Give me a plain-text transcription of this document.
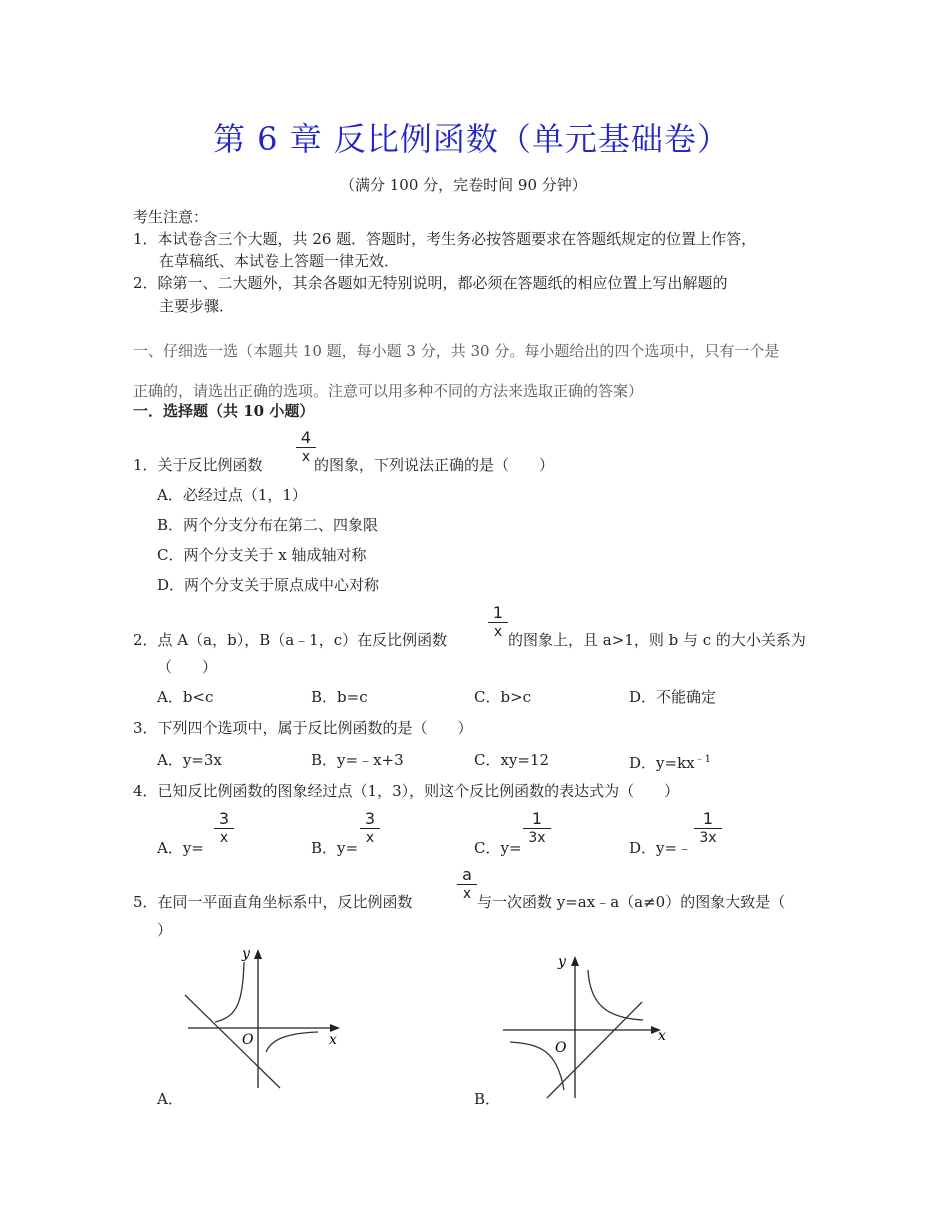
第 6 章 反比例函数（单元基础卷）
（满分 100 分，完卷时间 90 分钟）
考生注意：
1．本试卷含三个大题，共 26 题．答题时，考生务必按答题要求在答题纸规定的位置上作答，
在草稿纸、本试卷上答题一律无效．
2．除第一、二大题外，其余各题如无特别说明，都必须在答题纸的相应位置上写出解题的
主要步骤．
一、仔细选一选（本题共 10 题，每小题 3 分，共 30 分。每小题给出的四个选项中，只有一个是
正确的，请选出正确的选项。注意可以用多种不同的方法来选取正确的答案）
一．选择题（共 10 小题）
1．关于反比例函数
4
x 的图象，下列说法正确的是（　　）
A．必经过点（1，1）
B．两个分支分布在第二、四象限
C．两个分支关于 x 轴成轴对称
D．两个分支关于原点成中心对称
2．点 A（a，b），B（a﹣1，c）在反比例函数
1
x 的图象上，且 a>1，则 b 与 c 的大小关系为
（　　）
A．b<c	B．b=c	C．b>c	D．不能确定
3．下列四个选项中，属于反比例函数的是（　　）
A．y=3x	B．y=﹣x+3	C．xy=12	D．$y=kx^{﹣1}$
4．已知反比例函数的图象经过点（1，3），则这个反比例函数的表达式为（　　）
A．y=
3
x
B．y=
3
x
C．y=
1
3x
D．y=﹣
1
3x
5．在同一平面直角坐标系中，反比例函数
a
x 与一次函数 y=ax﹣a（a≠0）的图象大致是（
）
y
x
O
A．
y
x
O
B．
